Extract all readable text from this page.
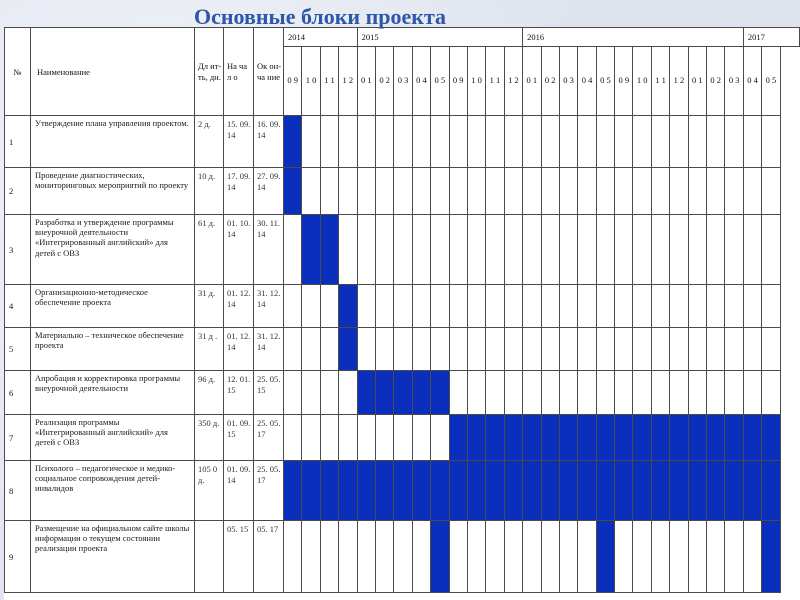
Основные блоки проекта
№	Наименование	Дл ит- ть, дн.	На ча л о	Ок он- ча ние	2014				2015									2016												2017	
					0 9	1 0	1 1	1 2	0 1	0 2	0 3	0 4	0 5	0 9	1 0	1 1	1 2	0 1	0 2	0 3	0 4	0 5	0 9	1 0	1 1	1 2	0 1	0 2	0 3	0 4	0 5
1	Утверждение плана управления проектом.	2 д.	15. 09. 14	16. 09. 14																											
2	Проведение диагностических, мониторинговых мероприятий по проекту	10 д.	17. 09. 14	27. 09. 14																											
3	Разработка и утверждение программы внеурочной деятельности «Интегрированный английский» для детей с ОВЗ	61 д.	01. 10. 14	30. 11. 14																											
4	Организационно-методическое обеспечение проекта	31 д.	01. 12. 14	31. 12. 14																											
5	Материально – техническое обеспечение проекта	31 д .	01. 12. 14	31. 12. 14																											
6	Апробация и корректировка программы внеурочной деятельности	96 д.	12. 01. 15	25. 05. 15																											
7	Реализация программы «Интегрированный английский» для детей с ОВЗ	350 д.	01. 09. 15	25. 05. 17																											
8	Психолого – педагогическое и медико-социальное сопровождения детей-инвалидов	105 0 д.	01. 09. 14	25. 05. 17																											
9	Размещение на официальном сайте школы информации о текущем состоянии реализации проекта		05. 15	05. 17																											
